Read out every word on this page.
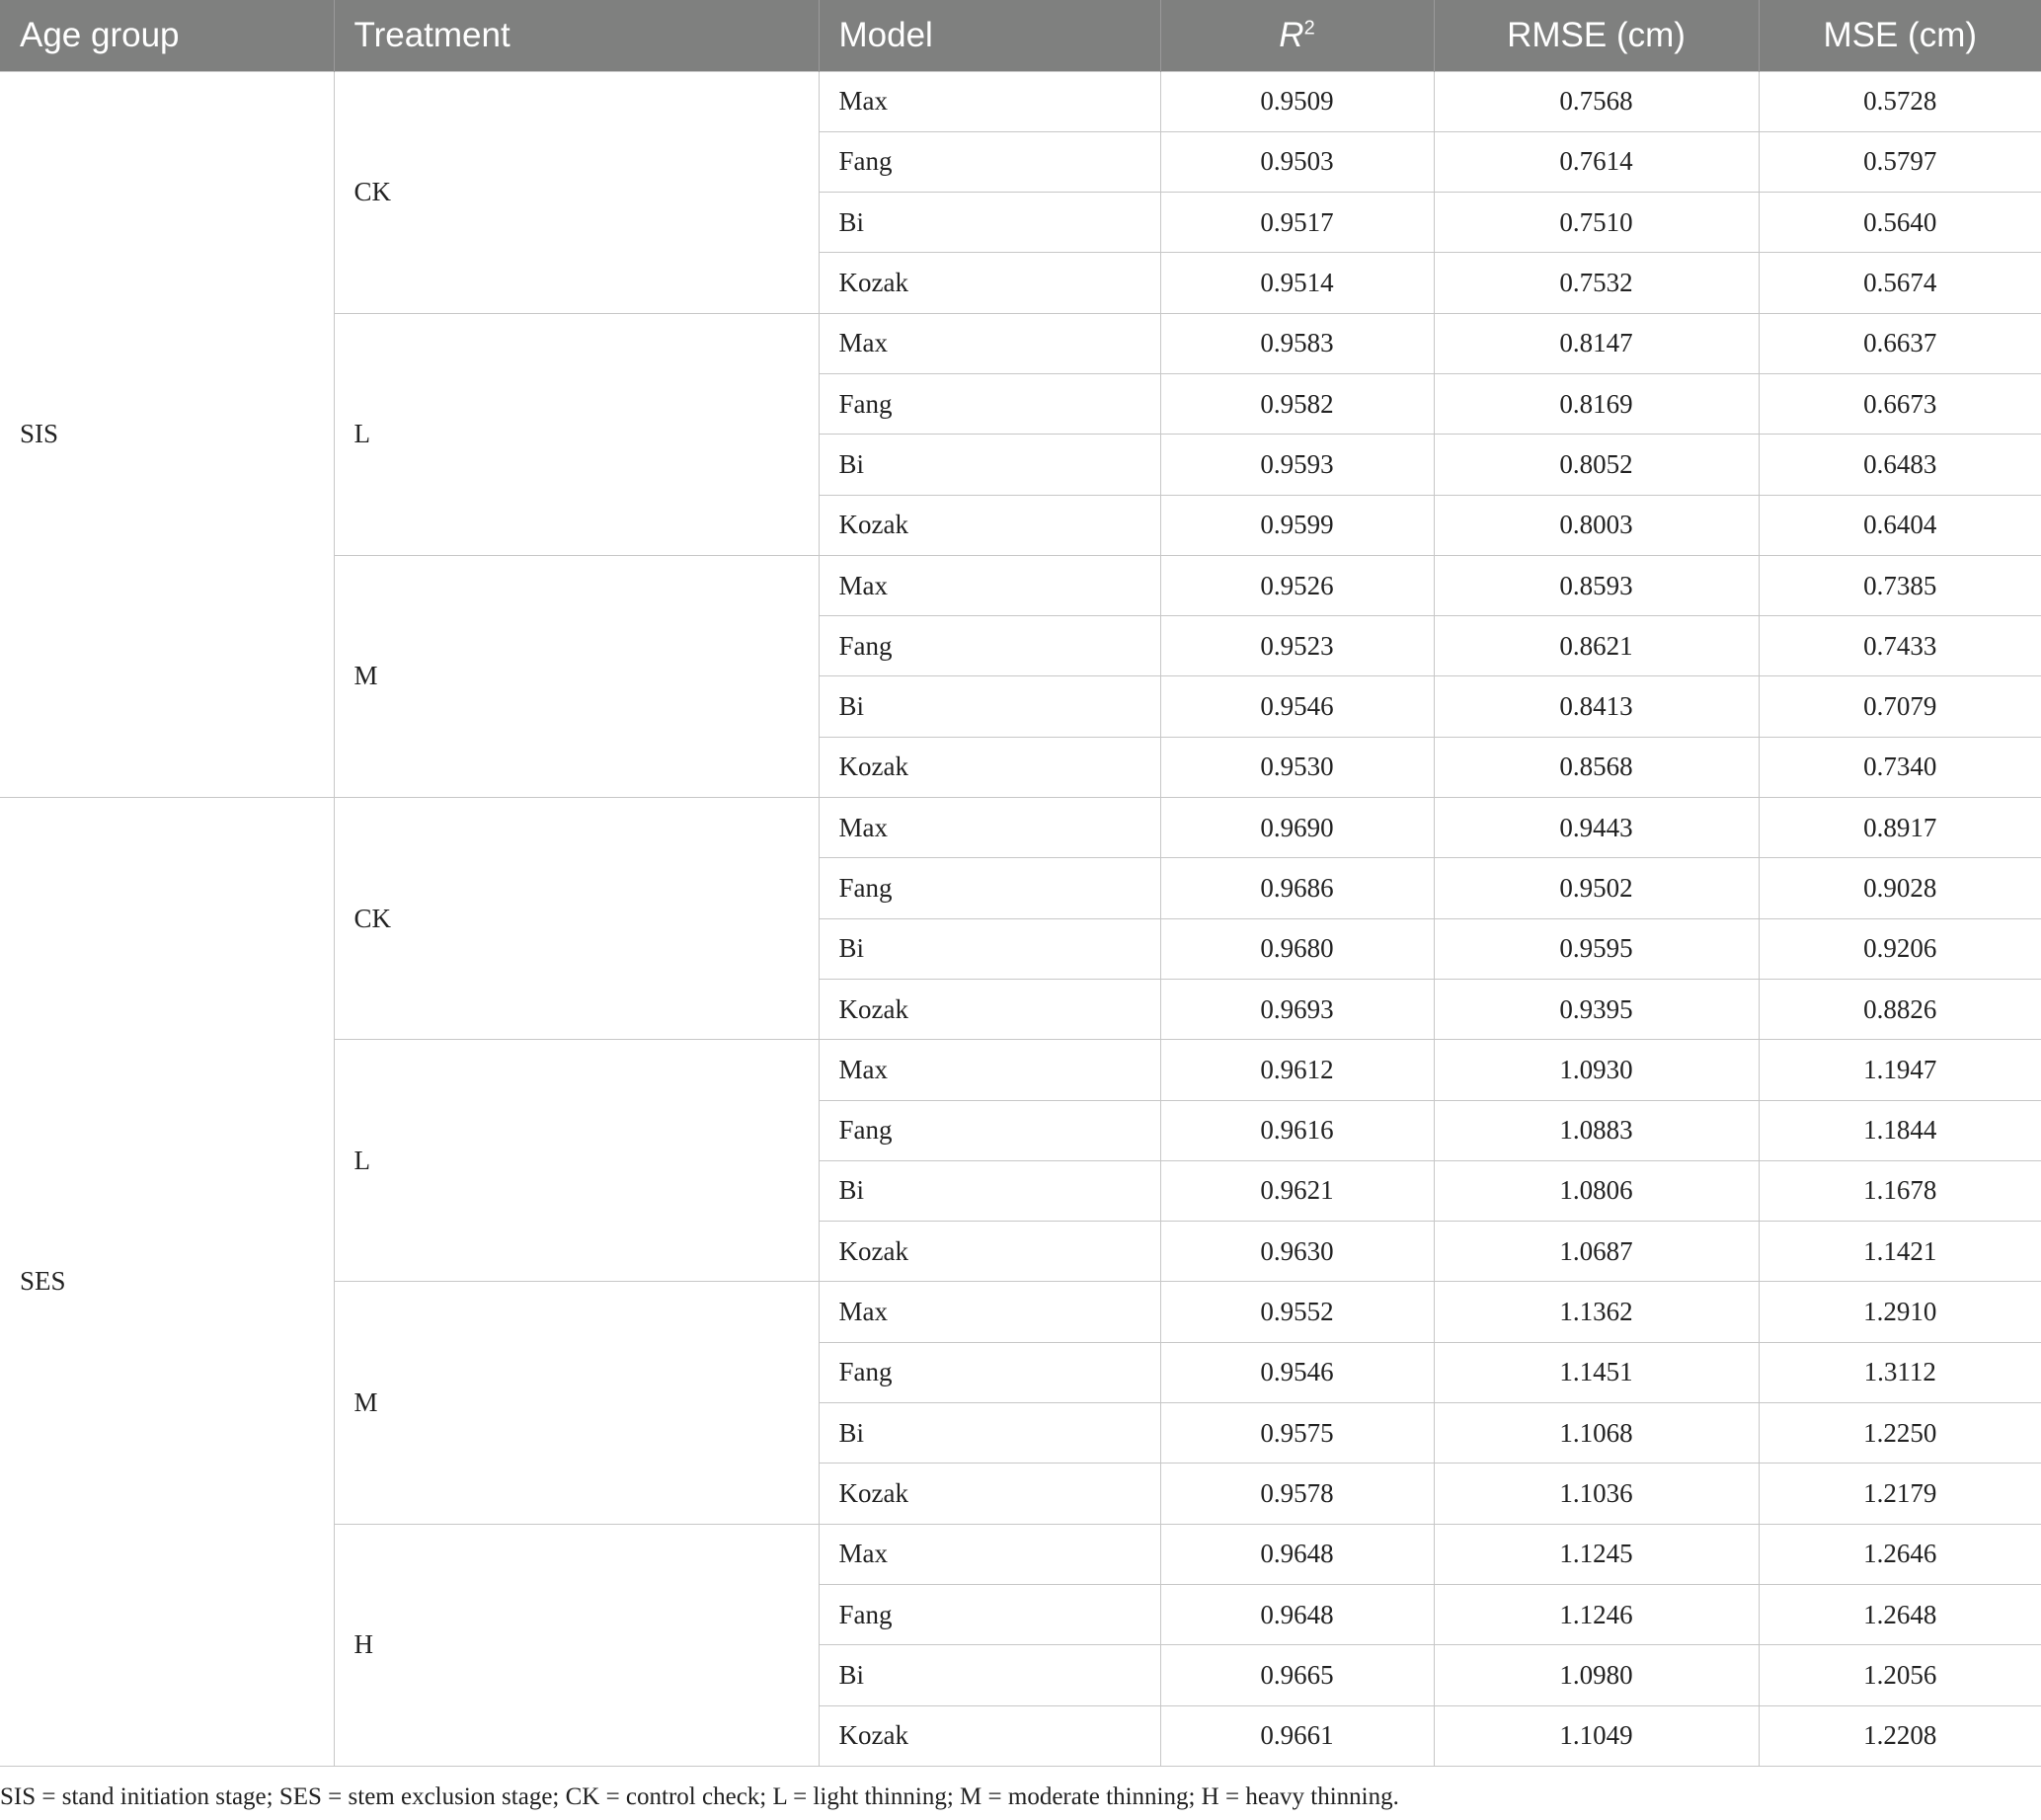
Age group	Treatment	Model	$R^2$	RMSE (cm)	MSE (cm)
SIS	CK	Max	0.9509	0.7568	0.5728
		Fang	0.9503	0.7614	0.5797
		Bi	0.9517	0.7510	0.5640
		Kozak	0.9514	0.7532	0.5674
	L	Max	0.9583	0.8147	0.6637
		Fang	0.9582	0.8169	0.6673
		Bi	0.9593	0.8052	0.6483
		Kozak	0.9599	0.8003	0.6404
	M	Max	0.9526	0.8593	0.7385
		Fang	0.9523	0.8621	0.7433
		Bi	0.9546	0.8413	0.7079
		Kozak	0.9530	0.8568	0.7340
SES	CK	Max	0.9690	0.9443	0.8917
		Fang	0.9686	0.9502	0.9028
		Bi	0.9680	0.9595	0.9206
		Kozak	0.9693	0.9395	0.8826
	L	Max	0.9612	1.0930	1.1947
		Fang	0.9616	1.0883	1.1844
		Bi	0.9621	1.0806	1.1678
		Kozak	0.9630	1.0687	1.1421
	M	Max	0.9552	1.1362	1.2910
		Fang	0.9546	1.1451	1.3112
		Bi	0.9575	1.1068	1.2250
		Kozak	0.9578	1.1036	1.2179
	H	Max	0.9648	1.1245	1.2646
		Fang	0.9648	1.1246	1.2648
		Bi	0.9665	1.0980	1.2056
		Kozak	0.9661	1.1049	1.2208
SIS = stand initiation stage; SES = stem exclusion stage; CK = control check; L = light thinning; M = moderate thinning; H = heavy thinning.
